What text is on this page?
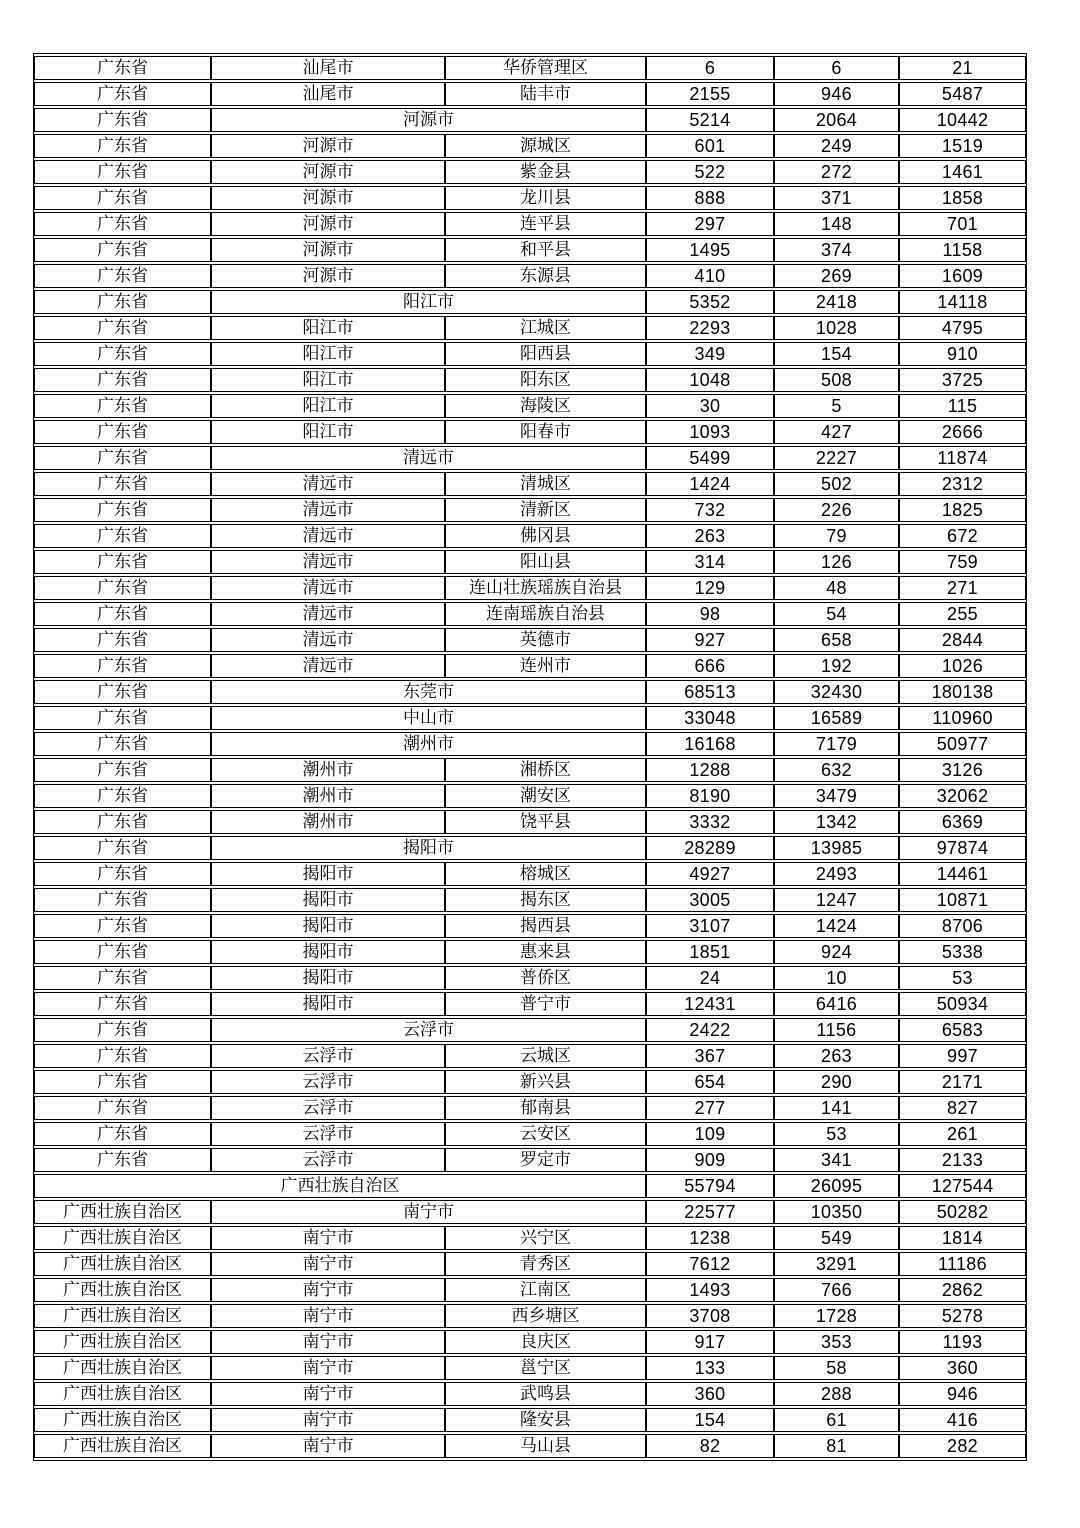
广东省	汕尾市	华侨管理区	6	6	21
广东省	汕尾市	陆丰市	2155	946	5487
广东省	河源市		5214	2064	10442
广东省	河源市	源城区	601	249	1519
广东省	河源市	紫金县	522	272	1461
广东省	河源市	龙川县	888	371	1858
广东省	河源市	连平县	297	148	701
广东省	河源市	和平县	1495	374	1158
广东省	河源市	东源县	410	269	1609
广东省	阳江市		5352	2418	14118
广东省	阳江市	江城区	2293	1028	4795
广东省	阳江市	阳西县	349	154	910
广东省	阳江市	阳东区	1048	508	3725
广东省	阳江市	海陵区	30	5	115
广东省	阳江市	阳春市	1093	427	2666
广东省	清远市		5499	2227	11874
广东省	清远市	清城区	1424	502	2312
广东省	清远市	清新区	732	226	1825
广东省	清远市	佛冈县	263	79	672
广东省	清远市	阳山县	314	126	759
广东省	清远市	连山壮族瑶族自治县	129	48	271
广东省	清远市	连南瑶族自治县	98	54	255
广东省	清远市	英德市	927	658	2844
广东省	清远市	连州市	666	192	1026
广东省	东莞市		68513	32430	180138
广东省	中山市		33048	16589	110960
广东省	潮州市		16168	7179	50977
广东省	潮州市	湘桥区	1288	632	3126
广东省	潮州市	潮安区	8190	3479	32062
广东省	潮州市	饶平县	3332	1342	6369
广东省	揭阳市		28289	13985	97874
广东省	揭阳市	榕城区	4927	2493	14461
广东省	揭阳市	揭东区	3005	1247	10871
广东省	揭阳市	揭西县	3107	1424	8706
广东省	揭阳市	惠来县	1851	924	5338
广东省	揭阳市	普侨区	24	10	53
广东省	揭阳市	普宁市	12431	6416	50934
广东省	云浮市		2422	1156	6583
广东省	云浮市	云城区	367	263	997
广东省	云浮市	新兴县	654	290	2171
广东省	云浮市	郁南县	277	141	827
广东省	云浮市	云安区	109	53	261
广东省	云浮市	罗定市	909	341	2133
广西壮族自治区			55794	26095	127544
广西壮族自治区	南宁市		22577	10350	50282
广西壮族自治区	南宁市	兴宁区	1238	549	1814
广西壮族自治区	南宁市	青秀区	7612	3291	11186
广西壮族自治区	南宁市	江南区	1493	766	2862
广西壮族自治区	南宁市	西乡塘区	3708	1728	5278
广西壮族自治区	南宁市	良庆区	917	353	1193
广西壮族自治区	南宁市	邕宁区	133	58	360
广西壮族自治区	南宁市	武鸣县	360	288	946
广西壮族自治区	南宁市	隆安县	154	61	416
广西壮族自治区	南宁市	马山县	82	81	282
